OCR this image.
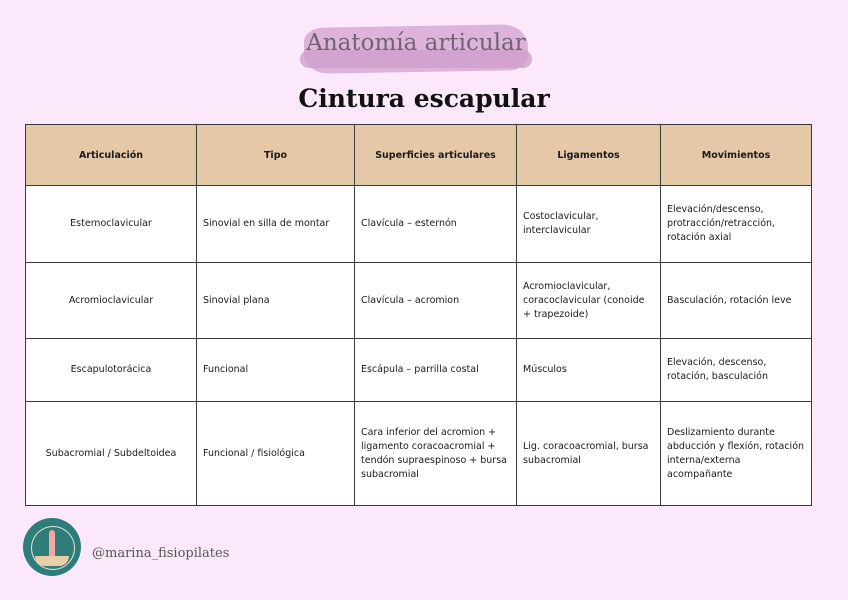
Anatomía articular
Cintura escapular
Articulación	Tipo	Superficies articulares	Ligamentos	Movimientos
Esternoclavicular	Sinovial en silla de montar	Clavícula – esternón	Costoclavicular, interclavicular	Elevación/descenso, protracción/retracción, rotación axial
Acromioclavicular	Sinovial plana	Clavícula – acromion	Acromioclavicular, coracoclavicular (conoide + trapezoide)	Basculación, rotación leve
Escapulotorácica	Funcional	Escápula – parrilla costal	Músculos	Elevación, descenso, rotación, basculación
Subacromial / Subdeltoidea	Funcional / fisiológica	Cara inferior del acromion + ligamento coracoacromial + tendón supraespinoso + bursa subacromial	Lig. coracoacromial, bursa subacromial	Deslizamiento durante abducción y flexión, rotación interna/externa acompañante
@marina_fisiopilates
